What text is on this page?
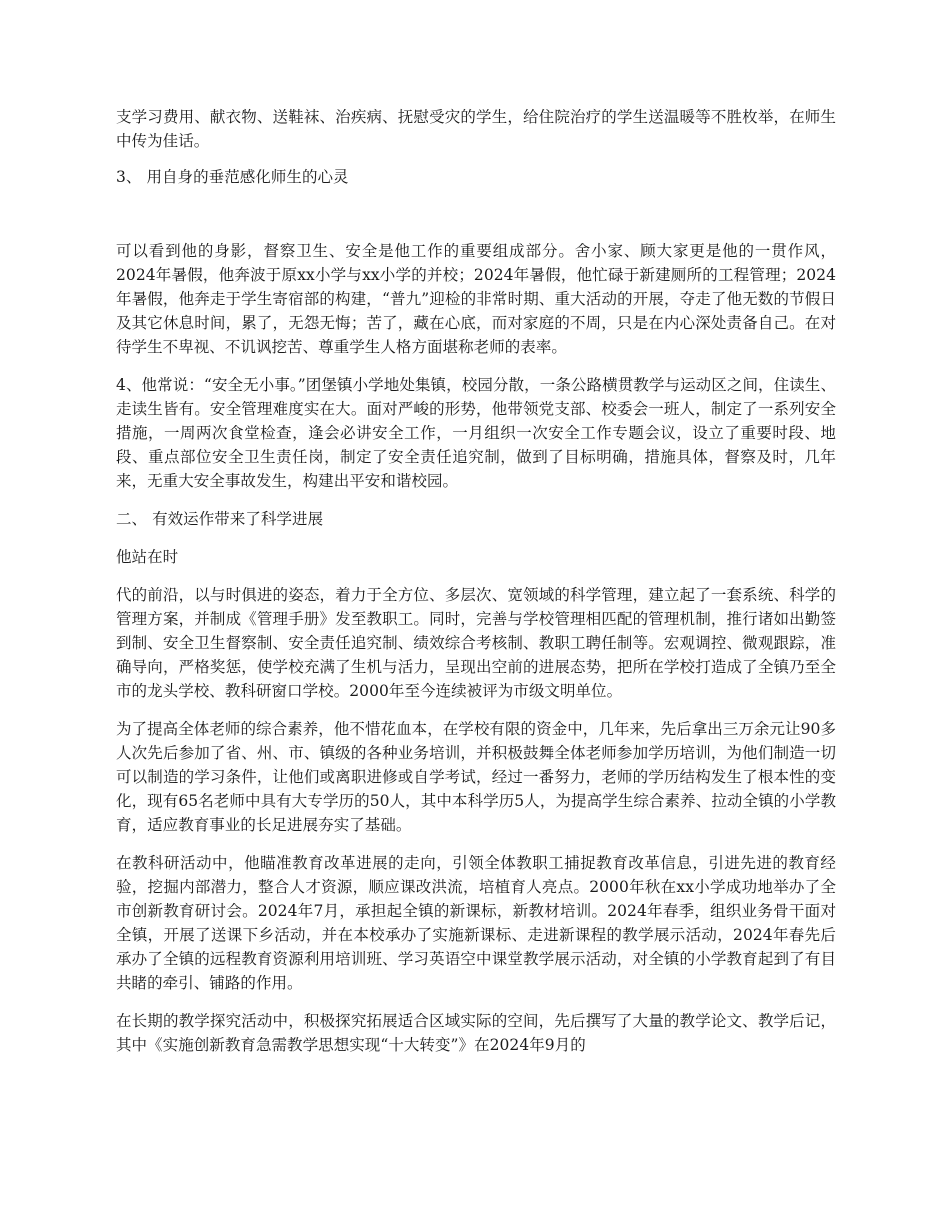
支学习费用、献衣物、送鞋袜、治疾病、抚慰受灾的学生，给住院治疗的学生送温暖等不胜枚举，在师生中传为佳话。

3、 用自身的垂范感化师生的心灵

可以看到他的身影，督察卫生、安全是他工作的重要组成部分。舍小家、顾大家更是他的一贯作风，2024年暑假，他奔波于原xx小学与xx小学的并校；2024年暑假，他忙碌于新建厕所的工程管理；2024年暑假，他奔走于学生寄宿部的构建，“普九”迎检的非常时期、重大活动的开展，夺走了他无数的节假日及其它休息时间，累了，无怨无悔；苦了，藏在心底，而对家庭的不周，只是在内心深处责备自己。在对待学生不卑视、不讥讽挖苦、尊重学生人格方面堪称老师的表率。

4、他常说：“安全无小事。”团堡镇小学地处集镇，校园分散，一条公路横贯教学与运动区之间，住读生、走读生皆有。安全管理难度实在大。面对严峻的形势，他带领党支部、校委会一班人，制定了一系列安全措施，一周两次食堂检查，逢会必讲安全工作，一月组织一次安全工作专题会议，设立了重要时段、地段、重点部位安全卫生责任岗，制定了安全责任追究制，做到了目标明确，措施具体，督察及时，几年来，无重大安全事故发生，构建出平安和谐校园。

二、 有效运作带来了科学进展

他站在时

代的前沿，以与时俱进的姿态，着力于全方位、多层次、宽领域的科学管理，建立起了一套系统、科学的管理方案，并制成《管理手册》发至教职工。同时，完善与学校管理相匹配的管理机制，推行诸如出勤签到制、安全卫生督察制、安全责任追究制、绩效综合考核制、教职工聘任制等。宏观调控、微观跟踪，准确导向，严格奖惩，使学校充满了生机与活力，呈现出空前的进展态势，把所在学校打造成了全镇乃至全市的龙头学校、教科研窗口学校。2000年至今连续被评为市级文明单位。

为了提高全体老师的综合素养，他不惜花血本，在学校有限的资金中，几年来，先后拿出三万余元让90多人次先后参加了省、州、市、镇级的各种业务培训，并积极鼓舞全体老师参加学历培训，为他们制造一切可以制造的学习条件，让他们或离职进修或自学考试，经过一番努力，老师的学历结构发生了根本性的变化，现有65名老师中具有大专学历的50人，其中本科学历5人，为提高学生综合素养、拉动全镇的小学教育，适应教育事业的长足进展夯实了基础。

在教科研活动中，他瞄准教育改革进展的走向，引领全体教职工捕捉教育改革信息，引进先进的教育经验，挖掘内部潜力，整合人才资源，顺应课改洪流，培植育人亮点。2000年秋在xx小学成功地举办了全市创新教育研讨会。2024年7月，承担起全镇的新课标，新教材培训。2024年春季，组织业务骨干面对全镇，开展了送课下乡活动，并在本校承办了实施新课标、走进新课程的教学展示活动，2024年春先后承办了全镇的远程教育资源利用培训班、学习英语空中课堂教学展示活动，对全镇的小学教育起到了有目共睹的牵引、铺路的作用。

在长期的教学探究活动中，积极探究拓展适合区域实际的空间，先后撰写了大量的教学论文、教学后记，其中《实施创新教育急需教学思想实现“十大转变”》在2024年9月的
